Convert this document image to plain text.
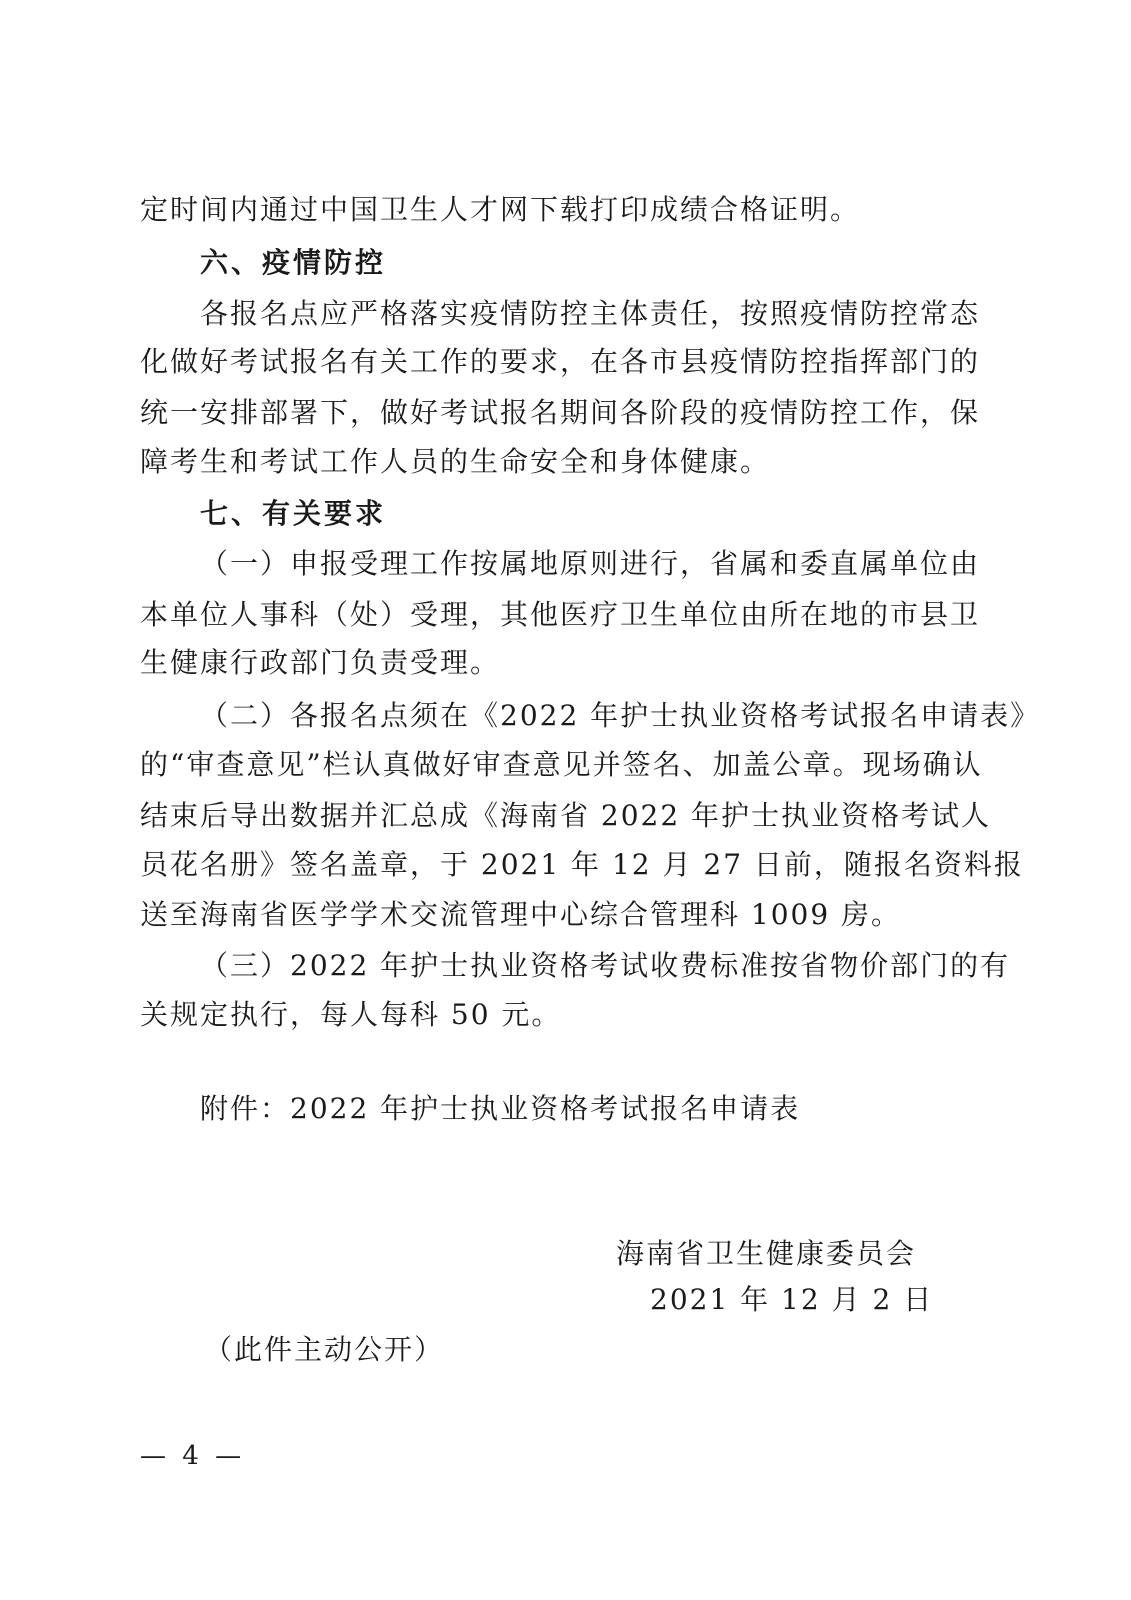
定时间内通过中国卫生人才网下载打印成绩合格证明。
六、疫情防控
各报名点应严格落实疫情防控主体责任，按照疫情防控常态
化做好考试报名有关工作的要求，在各市县疫情防控指挥部门的
统一安排部署下，做好考试报名期间各阶段的疫情防控工作，保
障考生和考试工作人员的生命安全和身体健康。
七、有关要求
（一）申报受理工作按属地原则进行，省属和委直属单位由
本单位人事科（处）受理，其他医疗卫生单位由所在地的市县卫
生健康行政部门负责受理。
（二）各报名点须在《2022 年护士执业资格考试报名申请表》
的“审查意见”栏认真做好审查意见并签名、加盖公章。现场确认
结束后导出数据并汇总成《海南省 2022 年护士执业资格考试人
员花名册》签名盖章，于 2021 年 12 月 27 日前，随报名资料报
送至海南省医学学术交流管理中心综合管理科 1009 房。
（三）2022 年护士执业资格考试收费标准按省物价部门的有
关规定执行，每人每科 50 元。
附件：2022 年护士执业资格考试报名申请表
海南省卫生健康委员会
2021 年 12 月 2 日
（此件主动公开）
— 4 —
